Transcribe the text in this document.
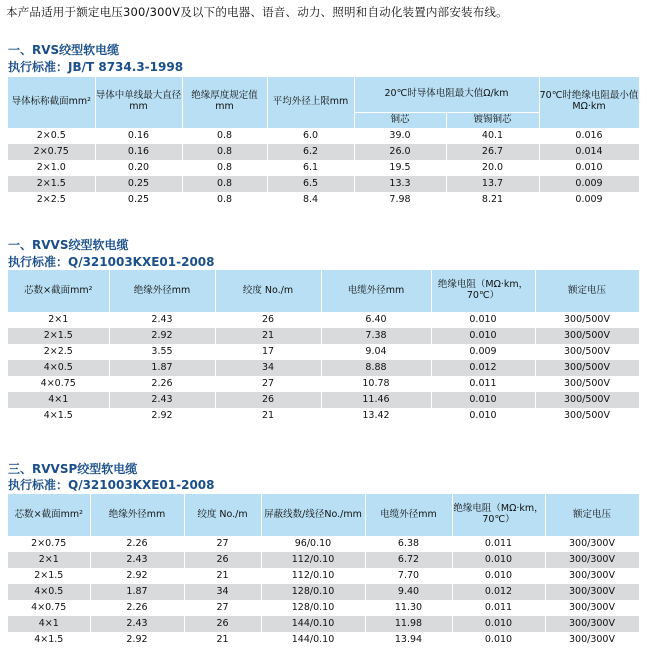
本产品适用于额定电压300/300V及以下的电器、语音、动力、照明和自动化装置内部安装布线。
一、RVS绞型软电缆
执行标准：JB/T 8734.3-1998
导体标称截面mm²	导体中单线最大直径mm	绝缘厚度规定值mm	平均外径上限mm	20℃时导体电阻最大值Ω/km		70℃时绝缘电阻最小值MΩ·km
				铜芯	镀锡铜芯	
2×0.5	0.16	0.8	6.0	39.0	40.1	0.016
2×0.75	0.16	0.8	6.2	26.0	26.7	0.014
2×1.0	0.20	0.8	6.1	19.5	20.0	0.010
2×1.5	0.25	0.8	6.5	13.3	13.7	0.009
2×2.5	0.25	0.8	8.4	7.98	8.21	0.009
一、RVVS绞型软电缆
执行标准：Q/321003KXE01-2008
芯数×截面mm²	绝缘外径mm	绞度 No./m	电缆外径mm	绝缘电阻（MΩ·km，70℃）	额定电压
2×1	2.43	26	6.40	0.010	300/500V
2×1.5	2.92	21	7.38	0.010	300/500V
2×2.5	3.55	17	9.04	0.009	300/500V
4×0.5	1.87	34	8.88	0.012	300/500V
4×0.75	2.26	27	10.78	0.011	300/500V
4×1	2.43	26	11.46	0.010	300/500V
4×1.5	2.92	21	13.42	0.010	300/500V
三、RVVSP绞型软电缆
执行标准：Q/321003KXE01-2008
芯数×截面mm²	绝缘外径mm	绞度 No./m	屏蔽线数/线径No./mm	电缆外径mm	绝缘电阻（MΩ·km，70℃）	额定电压
2×0.75	2.26	27	96/0.10	6.38	0.011	300/300V
2×1	2.43	26	112/0.10	6.72	0.010	300/300V
2×1.5	2.92	21	112/0.10	7.70	0.010	300/300V
4×0.5	1.87	34	128/0.10	9.40	0.012	300/300V
4×0.75	2.26	27	128/0.10	11.30	0.011	300/300V
4×1	2.43	26	144/0.10	11.98	0.010	300/300V
4×1.5	2.92	21	144/0.10	13.94	0.010	300/300V
